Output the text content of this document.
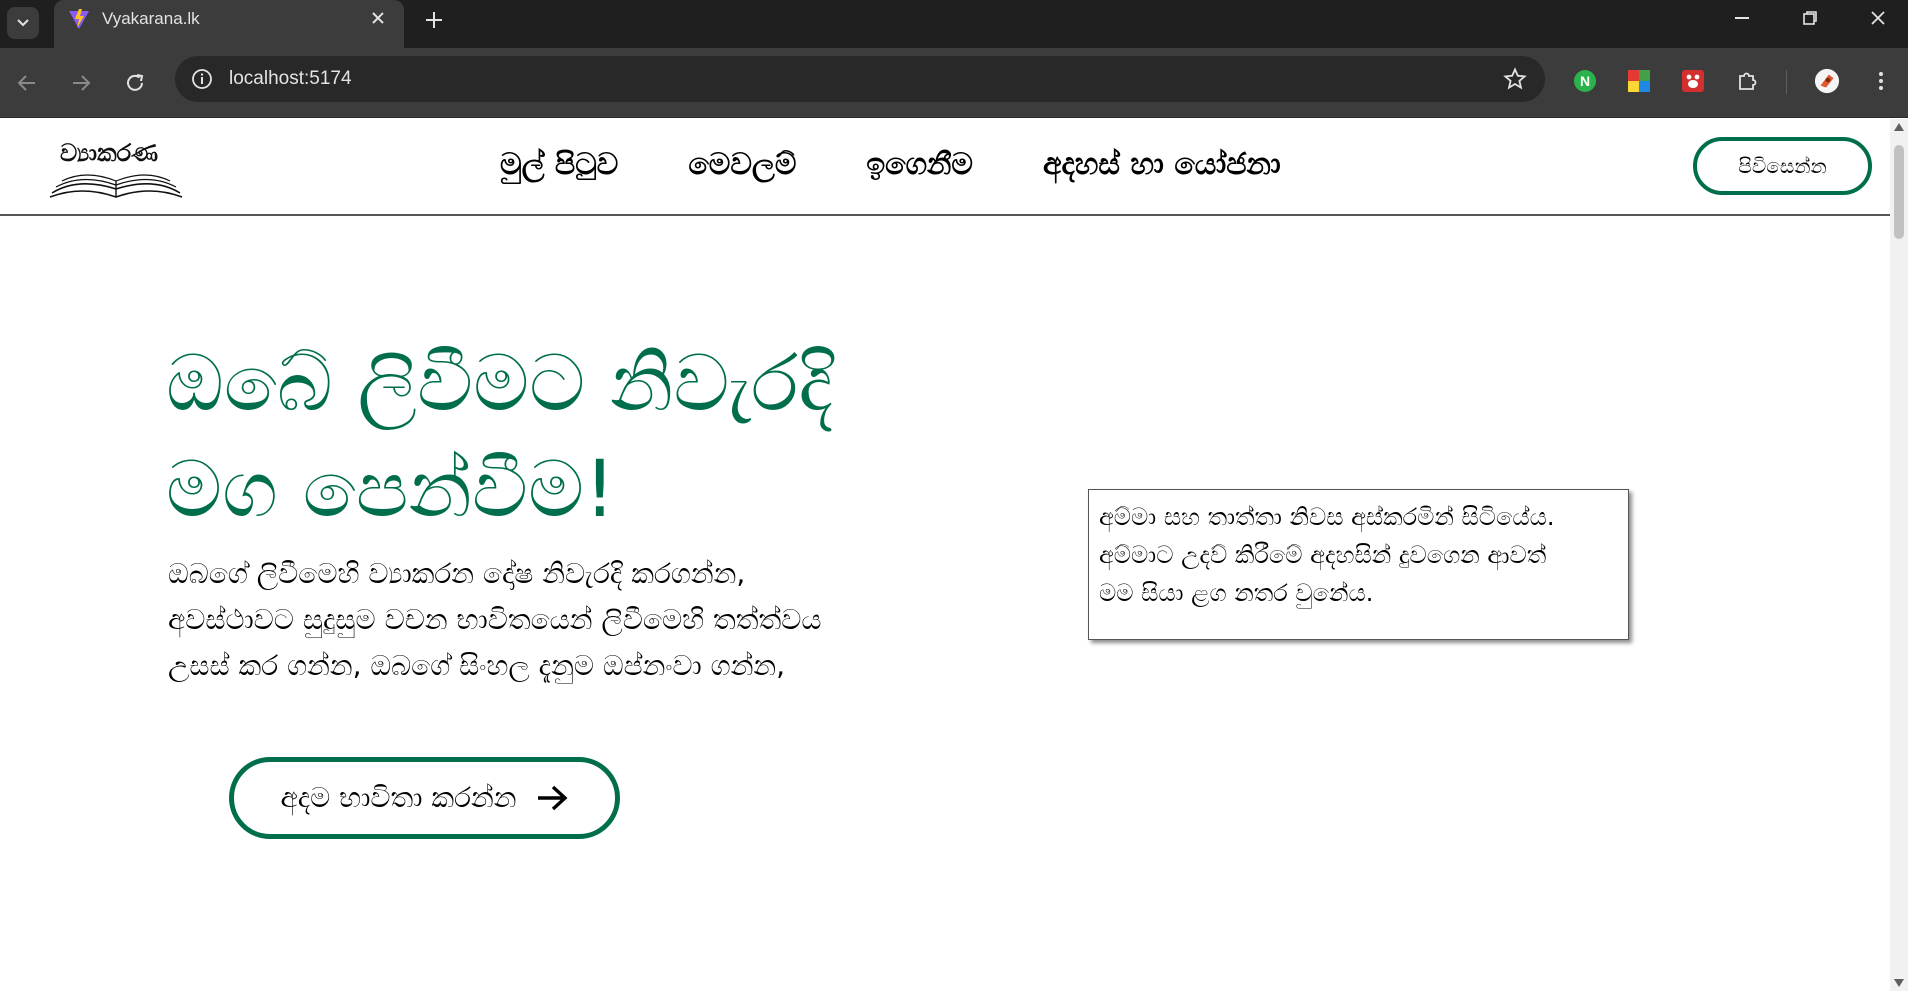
Vyakarana.lk
localhost:5174	N
ව්‍යාකරණ	මුල් පිටුව මෙවලම් ඉගෙනීම අදහස් හා යෝජනා	පිවිසෙන්න
ඔබේ ලිවීමට නිවැරදි
මග පෙන්වීම!
ඔබගේ ලිවීමෙහි ව්‍යාකරන දෝෂ නිවැරදි කරගන්න,
අවස්ථාවට සුදුසුම වචන භාවිතයෙන් ලිවීමෙහි තත්ත්වය
උසස් කර ගන්න, ඔබගේ සිංහල දැනුම ඔප්නංවා ගන්න,
අදම භාවිතා කරන්න
අම්මා සහ තාත්තා නිවස අස්කරමින් සිටියේය.
අම්මාට උදව් කිරීමේ අදහසින් දුවගෙන ආවත්
මම සියා ළග නතර වුනේය.
